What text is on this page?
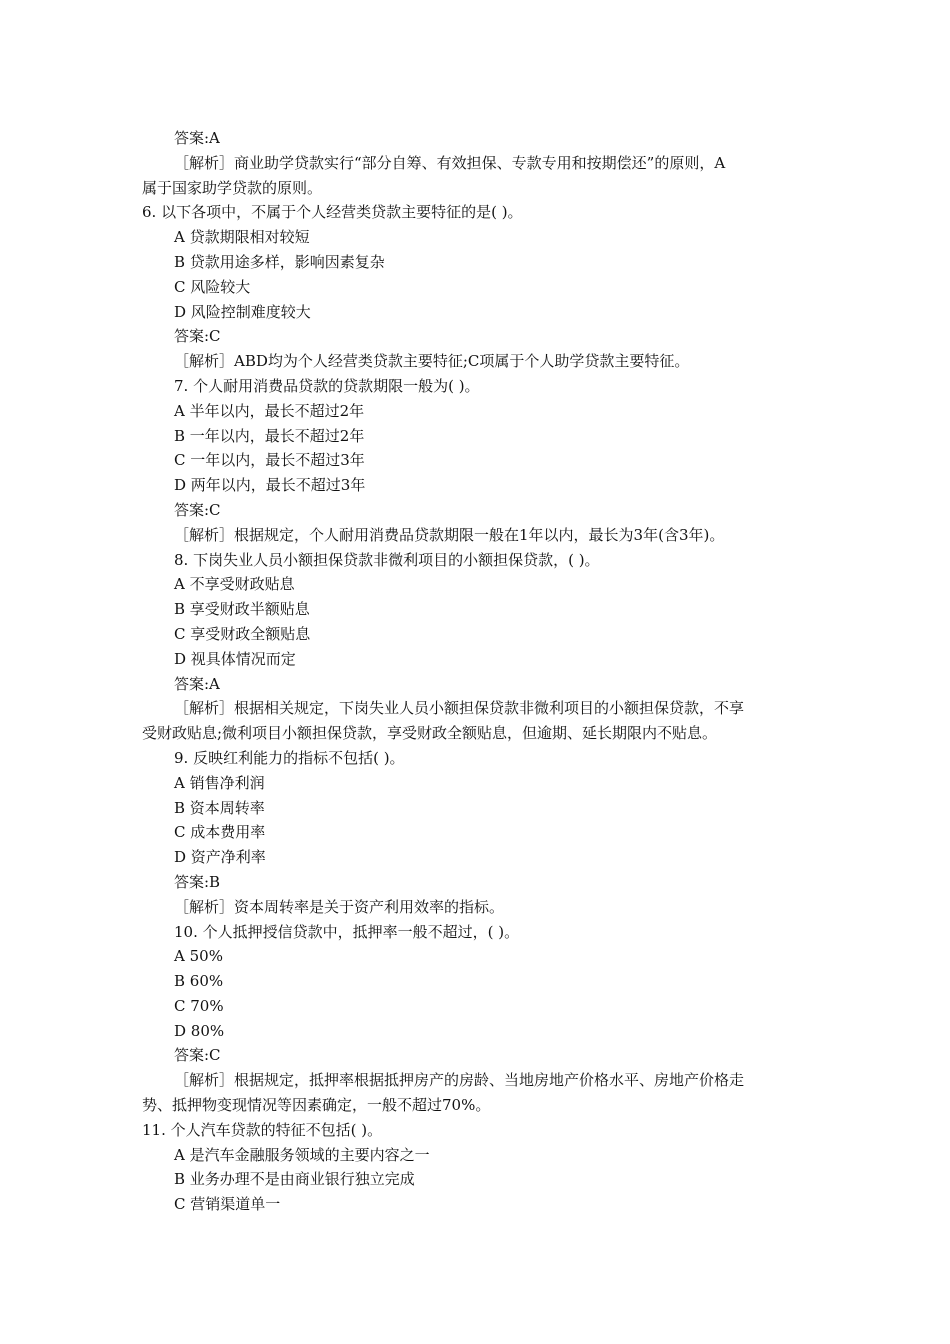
答案:A
［解析］商业助学贷款实行“部分自筹、有效担保、专款专用和按期偿还”的原则，A
属于国家助学贷款的原则。
6. 以下各项中，不属于个人经营类贷款主要特征的是( )。
A 贷款期限相对较短
B 贷款用途多样，影响因素复杂
C 风险较大
D 风险控制难度较大
答案:C
［解析］ABD均为个人经营类贷款主要特征;C项属于个人助学贷款主要特征。
7. 个人耐用消费品贷款的贷款期限一般为( )。
A 半年以内，最长不超过2年
B 一年以内，最长不超过2年
C 一年以内，最长不超过3年
D 两年以内，最长不超过3年
答案:C
［解析］根据规定，个人耐用消费品贷款期限一般在1年以内，最长为3年(含3年)。
8. 下岗失业人员小额担保贷款非微利项目的小额担保贷款，( )。
A 不享受财政贴息
B 享受财政半额贴息
C 享受财政全额贴息
D 视具体情况而定
答案:A
［解析］根据相关规定，下岗失业人员小额担保贷款非微利项目的小额担保贷款，不享
受财政贴息;微利项目小额担保贷款，享受财政全额贴息，但逾期、延长期限内不贴息。
9. 反映红利能力的指标不包括( )。
A 销售净利润
B 资本周转率
C 成本费用率
D 资产净利率
答案:B
［解析］资本周转率是关于资产利用效率的指标。
10. 个人抵押授信贷款中，抵押率一般不超过，( )。
A 50%
B 60%
C 70%
D 80%
答案:C
［解析］根据规定，抵押率根据抵押房产的房龄、当地房地产价格水平、房地产价格走
势、抵押物变现情况等因素确定，一般不超过70%。
11. 个人汽车贷款的特征不包括( )。
A 是汽车金融服务领域的主要内容之一
B 业务办理不是由商业银行独立完成
C 营销渠道单一
